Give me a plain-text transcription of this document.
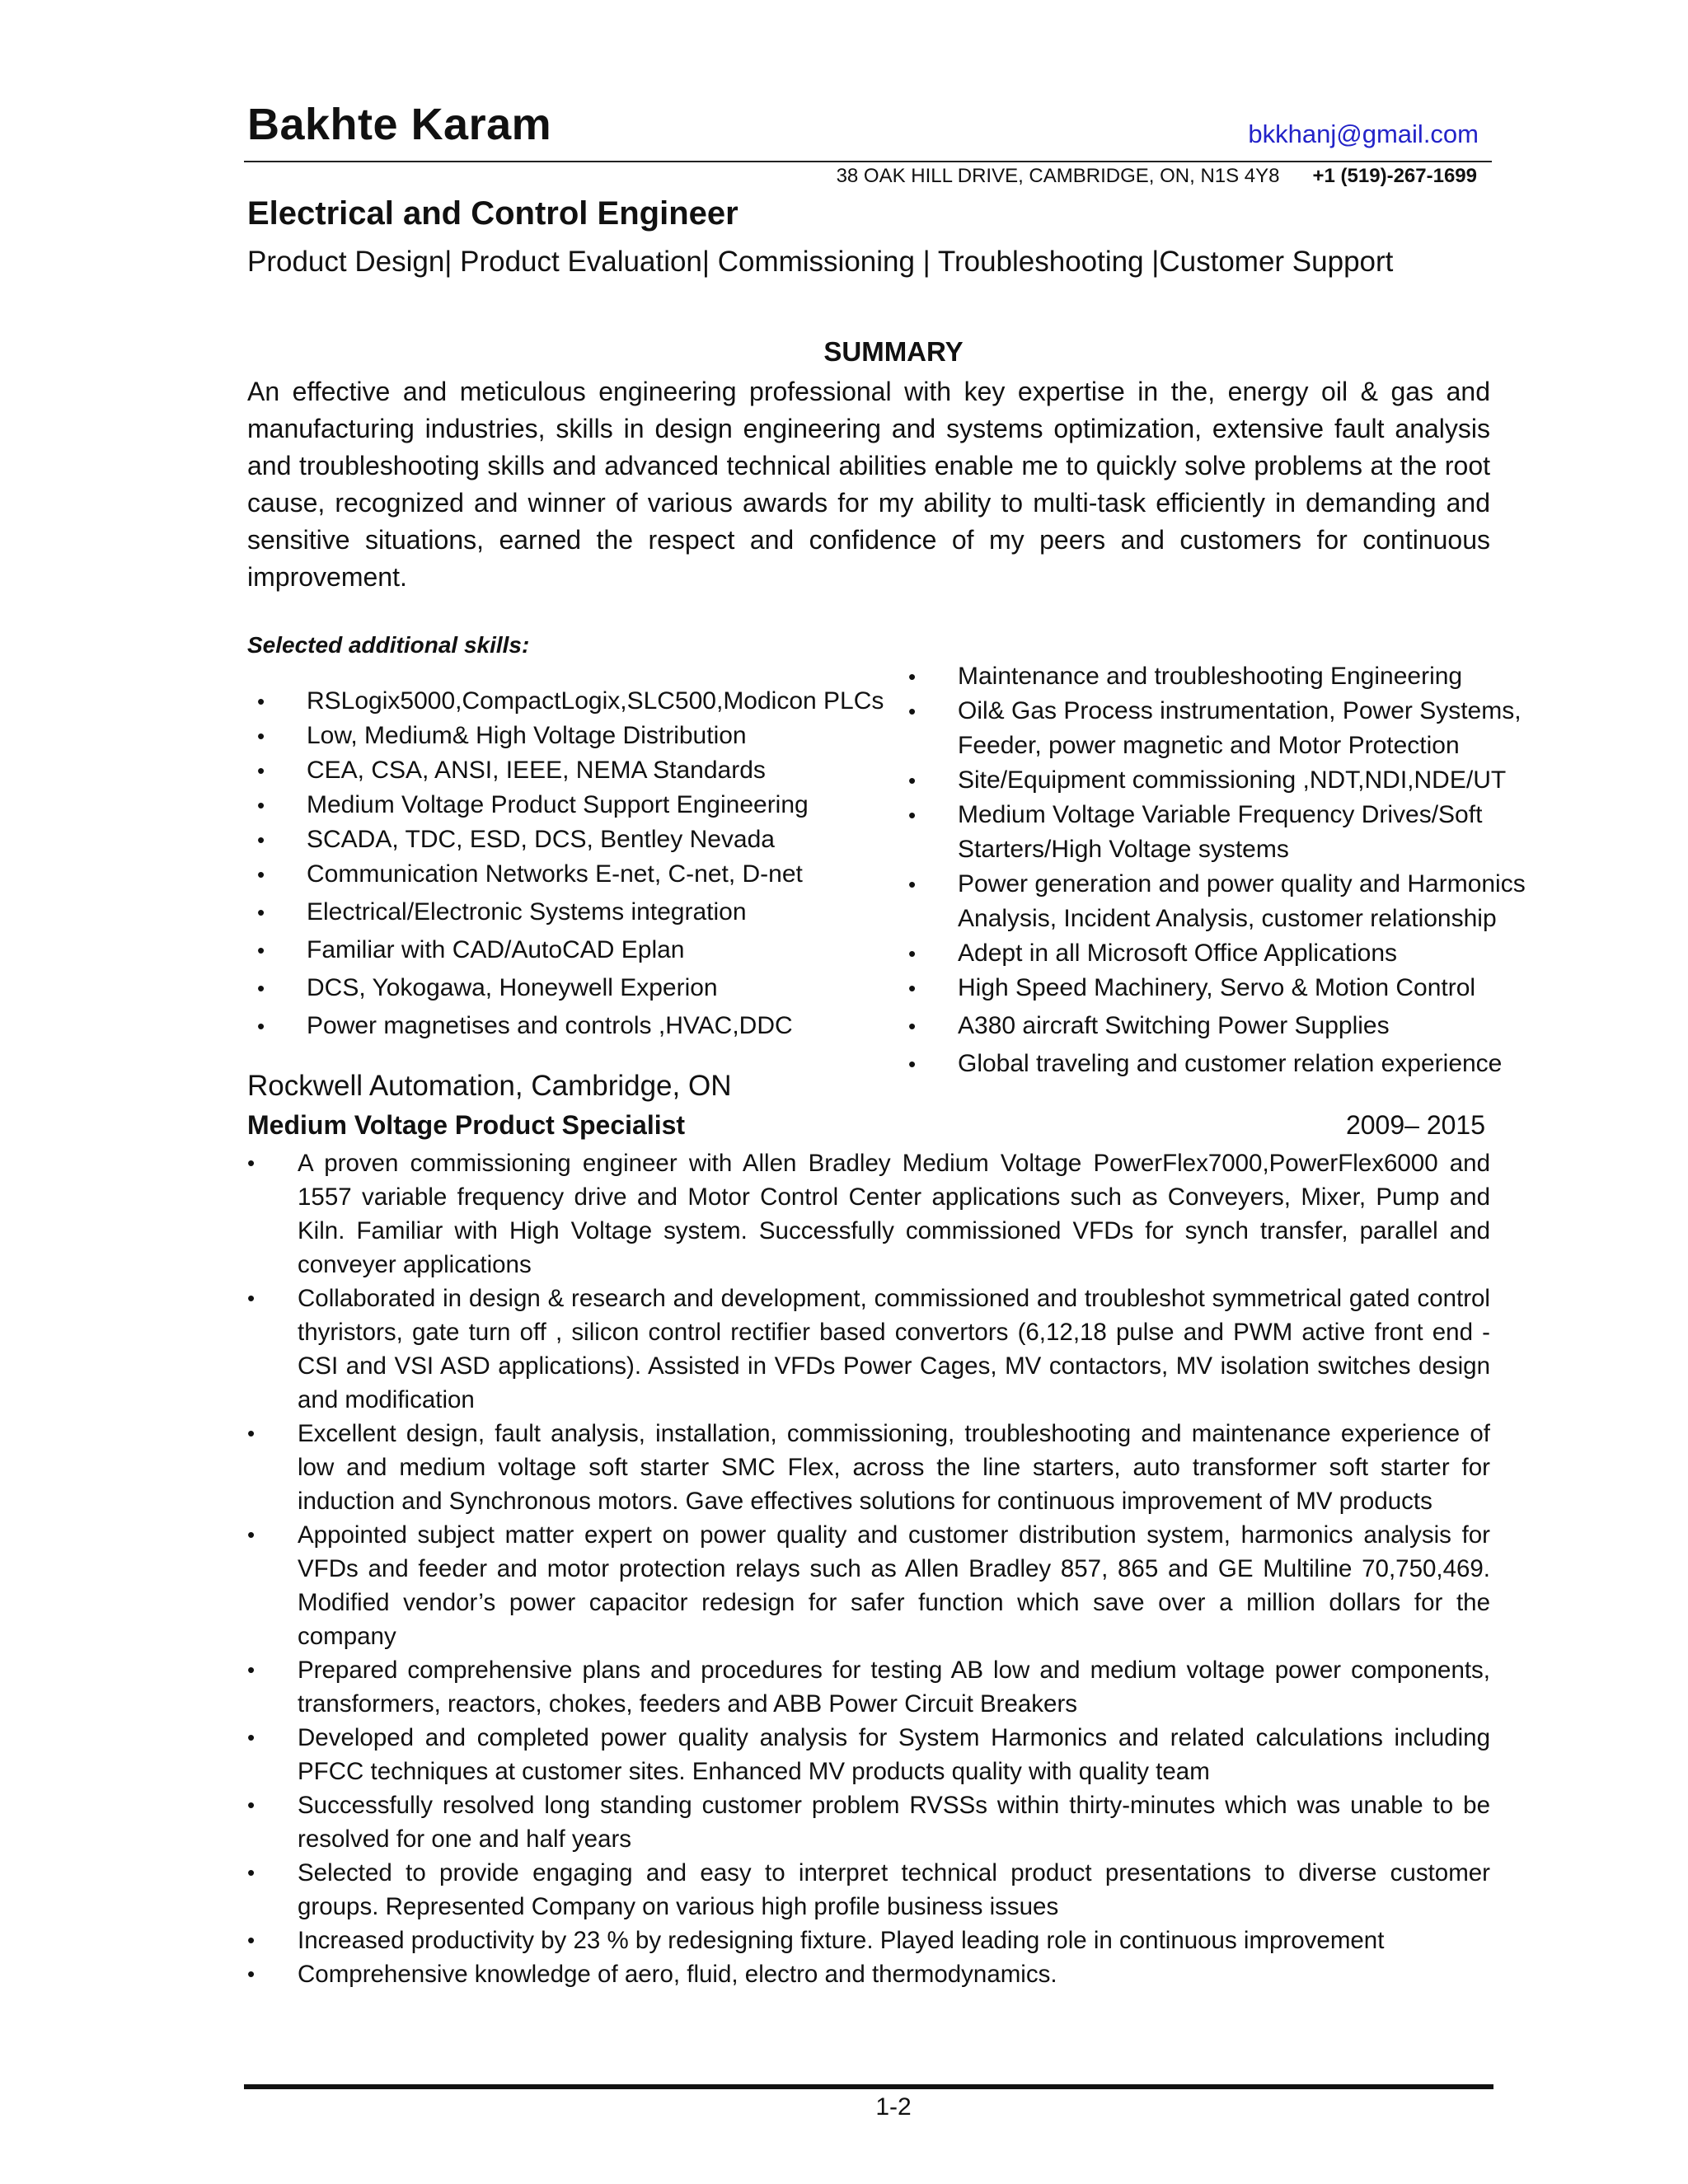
Bakhte Karam	bkkhanj@gmail.com
38 OAK HILL DRIVE, CAMBRIDGE, ON, N1S 4Y8 +1 (519)-267-1699
Electrical and Control Engineer
Product Design| Product Evaluation| Commissioning | Troubleshooting |Customer Support
SUMMARY
An effective and meticulous engineering professional with key expertise in the, energy oil & gas and manufacturing industries, skills in design engineering and systems optimization, extensive fault analysis and troubleshooting skills and advanced technical abilities enable me to quickly solve problems at the root cause, recognized and winner of various awards for my ability to multi-task efficiently in demanding and sensitive situations, earned the respect and confidence of my peers and customers for continuous improvement.
Selected additional skills:
• RSLogix5000,CompactLogix,SLC500,Modicon PLCs
• Low, Medium& High Voltage Distribution
• CEA, CSA, ANSI, IEEE, NEMA Standards
• Medium Voltage Product Support Engineering
• SCADA, TDC, ESD, DCS, Bentley Nevada
• Communication Networks E-net, C-net, D-net
• Electrical/Electronic Systems integration
• Familiar with CAD/AutoCAD Eplan
• DCS, Yokogawa, Honeywell Experion
• Power magnetises and controls ,HVAC,DDC
• Maintenance and troubleshooting Engineering
• Oil& Gas Process instrumentation, Power Systems, Feeder, power magnetic and Motor Protection
• Site/Equipment commissioning ,NDT,NDI,NDE/UT
• Medium Voltage Variable Frequency Drives/Soft Starters/High Voltage systems
• Power generation and power quality and Harmonics Analysis, Incident Analysis, customer relationship
• Adept in all Microsoft Office Applications
• High Speed Machinery, Servo & Motion Control
• A380 aircraft Switching Power Supplies
• Global traveling and customer relation experience
Rockwell Automation, Cambridge, ON
Medium Voltage Product Specialist	2009– 2015
• A proven commissioning engineer with Allen Bradley Medium Voltage PowerFlex7000,PowerFlex6000 and 1557 variable frequency drive and Motor Control Center applications such as Conveyers, Mixer, Pump and Kiln. Familiar with High Voltage system. Successfully commissioned VFDs for synch transfer, parallel and conveyer applications
• Collaborated in design & research and development, commissioned and troubleshot symmetrical gated control thyristors, gate turn off , silicon control rectifier based convertors (6,12,18 pulse and PWM active front end - CSI and VSI ASD applications). Assisted in VFDs Power Cages, MV contactors, MV isolation switches design and modification
• Excellent design, fault analysis, installation, commissioning, troubleshooting and maintenance experience of low and medium voltage soft starter SMC Flex, across the line starters, auto transformer soft starter for induction and Synchronous motors. Gave effectives solutions for continuous improvement of MV products
• Appointed subject matter expert on power quality and customer distribution system, harmonics analysis for VFDs and feeder and motor protection relays such as Allen Bradley 857, 865 and GE Multiline 70,750,469. Modified vendor’s power capacitor redesign for safer function which save over a million dollars for the company
• Prepared comprehensive plans and procedures for testing AB low and medium voltage power components, transformers, reactors, chokes, feeders and ABB Power Circuit Breakers
• Developed and completed power quality analysis for System Harmonics and related calculations including PFCC techniques at customer sites. Enhanced MV products quality with quality team
• Successfully resolved long standing customer problem RVSSs within thirty-minutes which was unable to be resolved for one and half years
• Selected to provide engaging and easy to interpret technical product presentations to diverse customer groups. Represented Company on various high profile business issues
• Increased productivity by 23 % by redesigning fixture. Played leading role in continuous improvement
• Comprehensive knowledge of aero, fluid, electro and thermodynamics.
1-2
